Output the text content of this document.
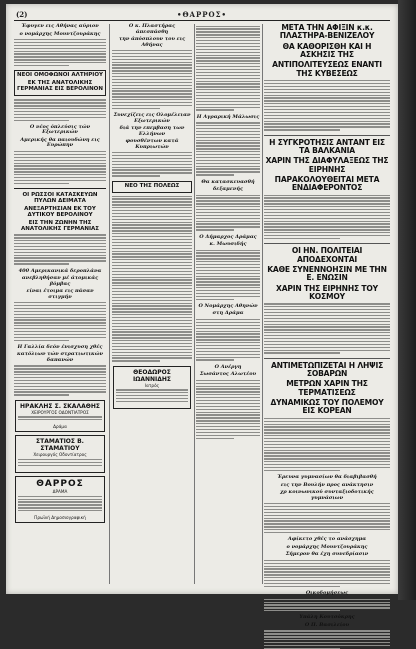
(2)	•ΘΑΡΡΟΣ•
Έφυγεν εις Αθήνας αύριον
ο νομάρχης Μουντζουράκης
ΝΕΟΙ ΟΜΟΦΩΝΟΙ ΑΛΤΗΡΙΟΥ
ΕΚ ΤΗΣ ΑΝΑΤΟΛΙΚΗΣ ΓΕΡΜΑΝΙΑΣ ΕΙΣ ΒΕΡΟΛΙΝΟΝ
Ο νέος όπλεύσις τών Εξωτερικών
Αμερικής θα παιουδώνη εις Ευρώπην
ΟΙ ΡΩΣΣΟΙ ΚΑΤΑΣΚΕΥΩΝ ΠΥΛΩΝ ΔΕΙΜΑΤΑ
ΑΝΕΞΑΡΤΗΣΙΑΝ ΕΚ ΤΟΥ ΔΥΤΙΚΟΥ ΒΕΡΟΛΙΝΟΥ
ΕΙΣ ΤΗΝ ΖΩΝΗΝ ΤΗΣ ΑΝΑΤΟΛΙΚΗΣ ΓΕΡΜΑΝΙΑΣ
400 Αμερικανικά δεροπλάνα
ανεβληθήσαν μέ άτομικάς βόμβας
είναι έτοιμα εις πάσαν στιγμήν
Η Γαλλία δεόν ένισχυση χθές
κατόλιων τών στρατιωτικών δαπανών
ΗΡΑΚΛΗΣ Σ. ΣΚΑΛΑΘΗΣ
ΧΕΙΡΟΥΡΓΟΣ ΟΔΟΝΤΙΑΤΡΟΣ
Δράμα
ΣΤΑΜΑΤΙΟΣ Β. ΣΤΑΜΑΤΙΟΥ
Χειρουργός Οδοντίατρος
ΘΑΡΡΟΣ
ΔΡΑΜΑ
Πρωϊνή Δημοσιογραφική
Ο κ. Πλαστήρας άπεσπάσθη
την άπόσπλουν του εις Αθήνας
Συνεχίζεις εις Ολομέλειαν Εξωτερικών
διά την επεμβαση των Ελλήνων
φουσθέντων κατά Κυπριωτών
ΝΕΟ ΤΗΣ ΠΟΛΕΩΣ
ΘΕΟΔΩΡΟΣ ΙΩΑΝΝΙΔΗΣ
Ιατρός
Η Αγραρική Μάλωσις
Θα κατασκευασθή
δεξαμενής
Ο Δήμαρχος Δράμας
κ. Μωυσιδής
Ο Νομάρχης Αθηνών
στη Δράμα
Ο Ανέργη
Σωσάντος Αλωτέου
ΜΕΤΑ ΤΗΝ ΑΦΙΞΙΝ κ.κ. ΠΛΑΣΤΗΡΑ-ΒΕΝΙΖΕΛΟΥ
ΘΑ ΚΑΘΟΡΙΣΘΗ ΚΑΙ Η ΑΣΚΗΣΙΣ ΤΗΣ
ΑΝΤΙΠΟΛΙΤΕΥΣΕΩΣ ΕΝΑΝΤΙ ΤΗΣ ΚΥΒΕΣΕΩΣ
Η ΣΥΓΚΡΟΤΗΣΙΣ ΑΝΤΑΝΤ ΕΙΣ ΤΑ ΒΑΛΚΑΝΙΑ
ΧΑΡΙΝ ΤΗΣ ΔΙΑΦΥΛΑΞΕΩΣ ΤΗΣ ΕΙΡΗΝΗΣ
ΠΑΡΑΚΟΛΟΥΘΕΙΤΑΙ ΜΕΤΑ ΕΝΔΙΑΦΕΡΟΝΤΟΣ
ΟΙ ΗΝ. ΠΟΛΙΤΕΙΑΙ ΑΠΟΔΕΧΟΝΤΑΙ
ΚΑΘΕ ΣΥΝΕΝΝΟΗΣΙΝ ΜΕ ΤΗΝ Ε. ΕΝΩΣΙΝ
ΧΑΡΙΝ ΤΗΣ ΕΙΡΗΝΗΣ ΤΟΥ ΚΟΣΜΟΥ
ΑΝΤΙΜΕΤΩΠΙΖΕΤΑΙ Η ΛΗΨΙΣ ΣΟΒΑΡΩΝ
ΜΕΤΡΩΝ ΧΑΡΙΝ ΤΗΣ ΤΕΡΜΑΤΙΣΕΩΣ
ΔΥΝΑΜΙΚΩΣ ΤΟΥ ΠΟΛΕΜΟΥ ΕΙΣ ΚΟΡΕΑΝ
Έρευνα γυμνασίων θα διαβιβασθή
εις την Βουλήν προς ανάκτησιν
χρ κοινωνικού συνταξιοδοτικής γυμνάσιων
Αφίκετο χθές το ανάσχημα
ο νομάρχης Μουντζουράκης
Σήμερον θα έχη συνεδρίασιν
Οικοδομήσεως
Υπάλη Κουτσόκρης
Ο Π. Βασιλείου
